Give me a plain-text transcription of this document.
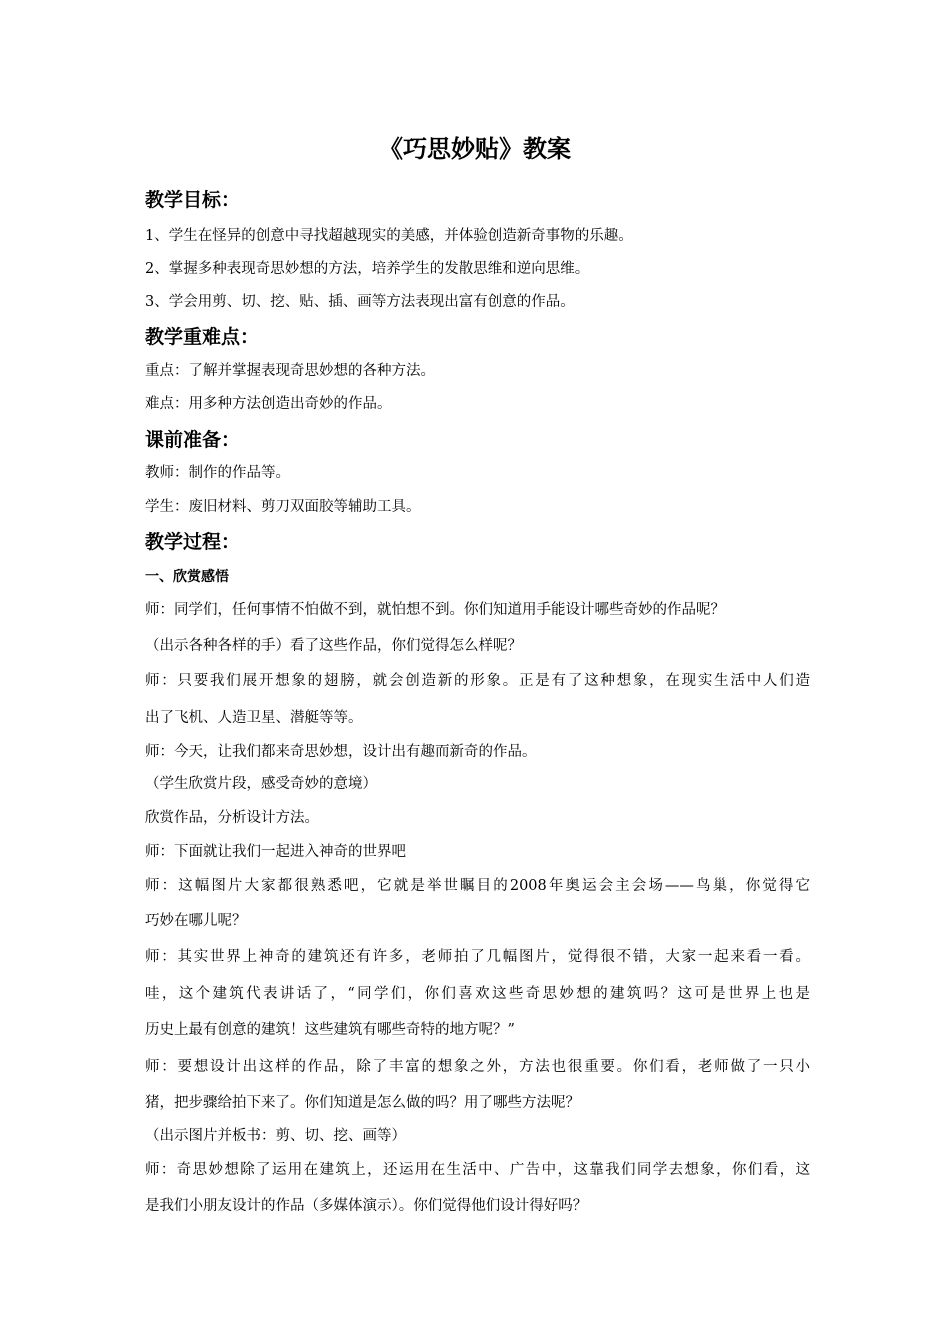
《巧思妙贴》教案
教学目标：
1、学生在怪异的创意中寻找超越现实的美感，并体验创造新奇事物的乐趣。
2、掌握多种表现奇思妙想的方法，培养学生的发散思维和逆向思维。
3、学会用剪、切、挖、贴、插、画等方法表现出富有创意的作品。
教学重难点：
重点：了解并掌握表现奇思妙想的各种方法。
难点：用多种方法创造出奇妙的作品。
课前准备：
教师：制作的作品等。
学生：废旧材料、剪刀双面胶等辅助工具。
教学过程：
一、欣赏感悟
师：同学们，任何事情不怕做不到，就怕想不到。你们知道用手能设计哪些奇妙的作品呢？
（出示各种各样的手）看了这些作品，你们觉得怎么样呢？
师：只要我们展开想象的翅膀，就会创造新的形象。正是有了这种想象，在现实生活中人们造
出了飞机、人造卫星、潜艇等等。
师：今天，让我们都来奇思妙想，设计出有趣而新奇的作品。
（学生欣赏片段，感受奇妙的意境）
欣赏作品，分析设计方法。
师：下面就让我们一起进入神奇的世界吧
师：这幅图片大家都很熟悉吧，它就是举世瞩目的2008年奥运会主会场——鸟巢，你觉得它
巧妙在哪儿呢？
师：其实世界上神奇的建筑还有许多，老师拍了几幅图片，觉得很不错，大家一起来看一看。
哇，这个建筑代表讲话了，“同学们，你们喜欢这些奇思妙想的建筑吗？这可是世界上也是
历史上最有创意的建筑！这些建筑有哪些奇特的地方呢？”
师：要想设计出这样的作品，除了丰富的想象之外，方法也很重要。你们看，老师做了一只小
猪，把步骤给拍下来了。你们知道是怎么做的吗？用了哪些方法呢？
（出示图片并板书：剪、切、挖、画等）
师：奇思妙想除了运用在建筑上，还运用在生活中、广告中，这靠我们同学去想象，你们看，这
是我们小朋友设计的作品（多媒体演示）。你们觉得他们设计得好吗？
